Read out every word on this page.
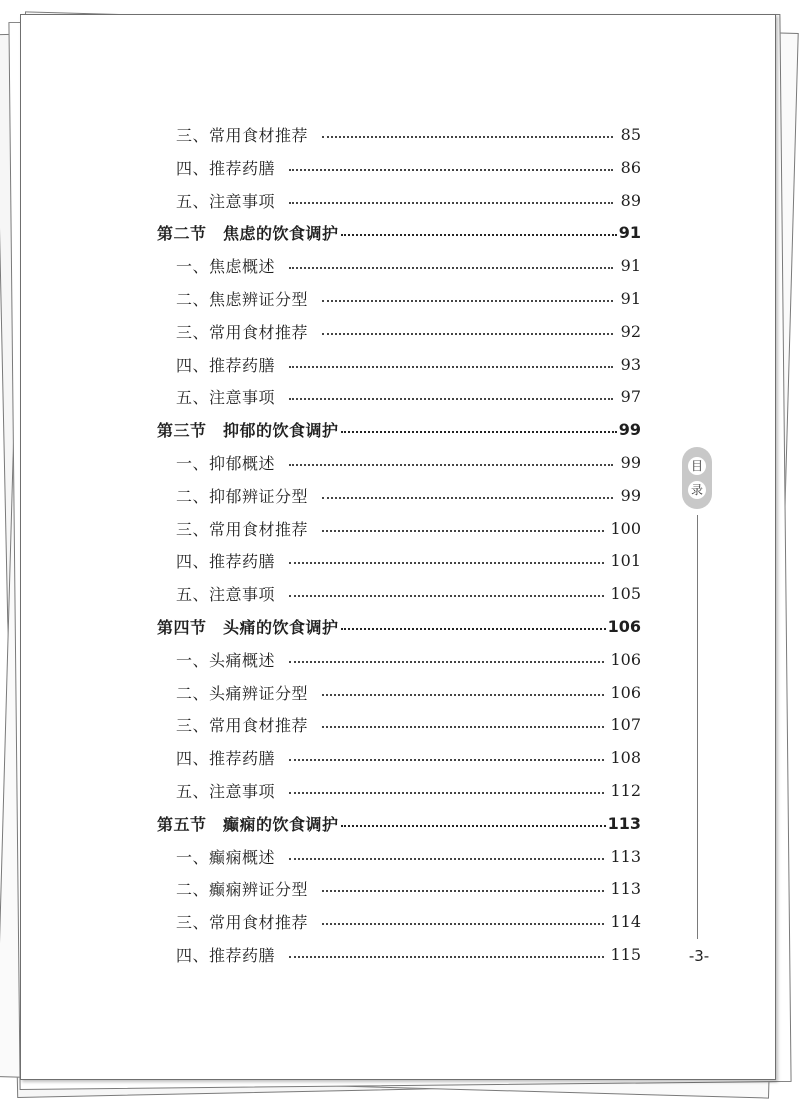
三、常用食材推荐	85
四、推荐药膳	86
五、注意事项	89
第二节　焦虑的饮食调护	91
一、焦虑概述	91
二、焦虑辨证分型	91
三、常用食材推荐	92
四、推荐药膳	93
五、注意事项	97
第三节　抑郁的饮食调护	99
一、抑郁概述	99
二、抑郁辨证分型	99
三、常用食材推荐	100
四、推荐药膳	101
五、注意事项	105
第四节　头痛的饮食调护	106
一、头痛概述	106
二、头痛辨证分型	106
三、常用食材推荐	107
四、推荐药膳	108
五、注意事项	112
第五节　癫痫的饮食调护	113
一、癫痫概述	113
二、癫痫辨证分型	113
三、常用食材推荐	114
四、推荐药膳	115
目
录
-3-
